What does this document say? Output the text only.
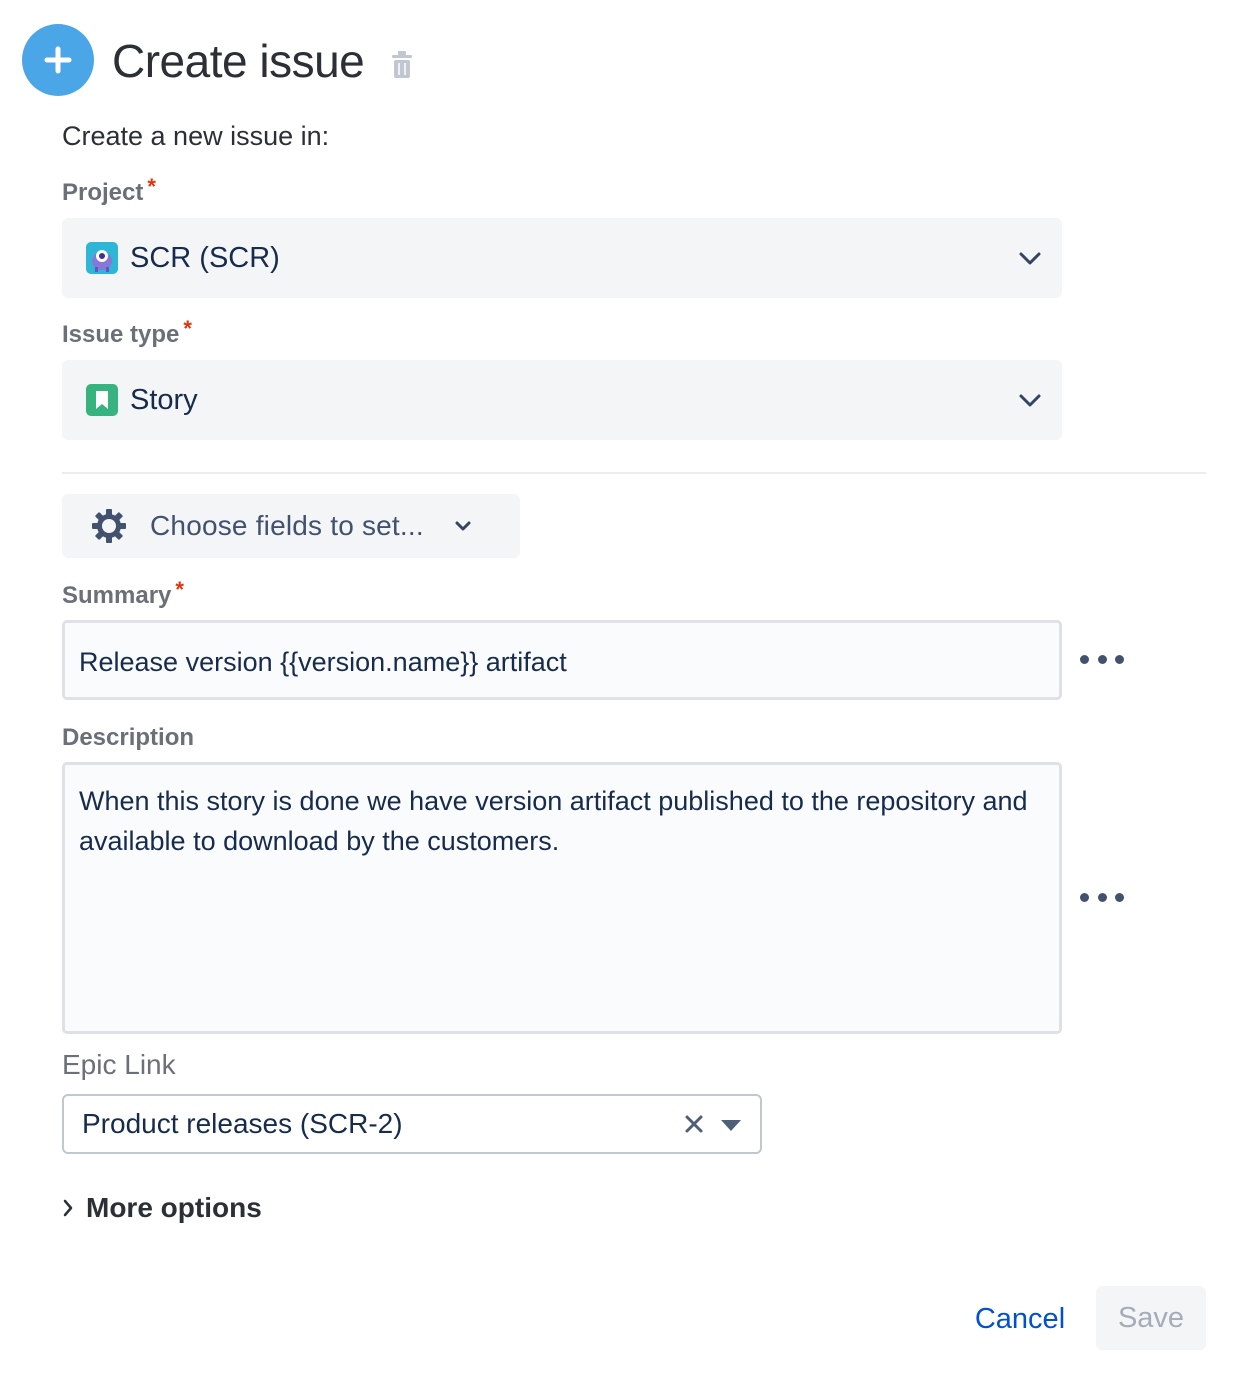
Create issue
Create a new issue in:
Project *
SCR (SCR)
Issue type *
Story
Choose fields to set...
Summary *
Release version {{version.name}} artifact
Description
When this story is done we have version artifact published to the repository and available to download by the customers.
Epic Link
Product releases (SCR-2)
More options
Cancel	Save
